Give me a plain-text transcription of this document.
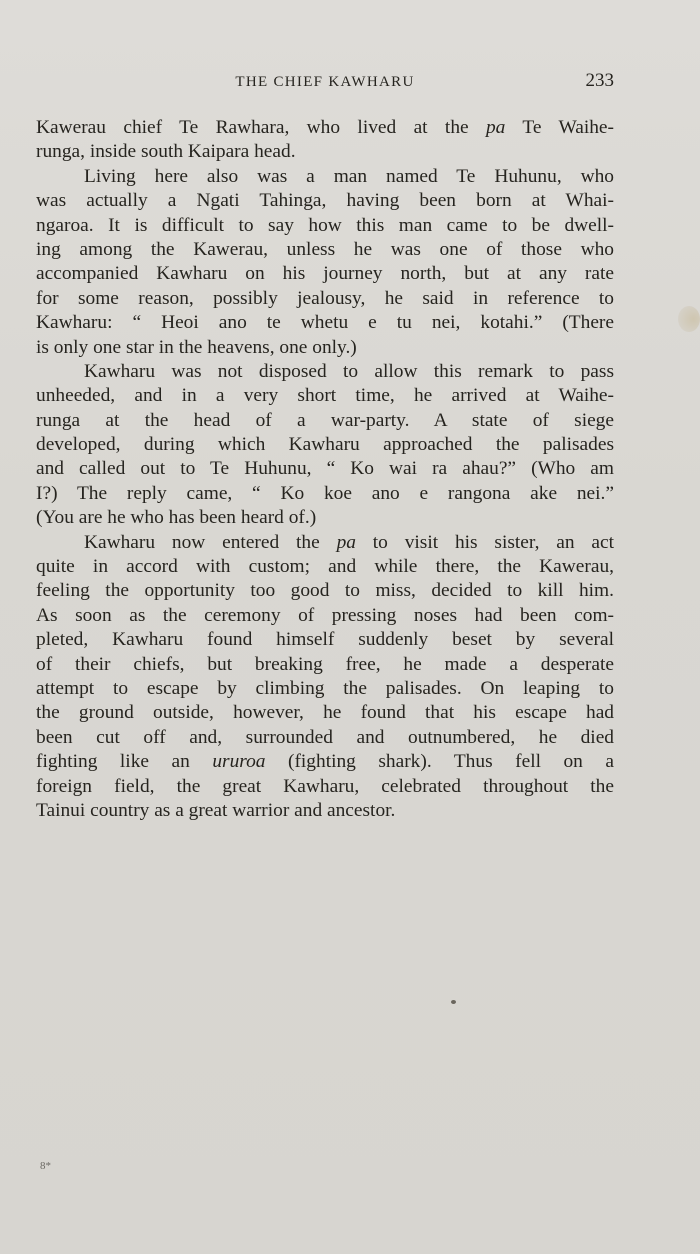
THE CHIEF KAWHARU	233
Kawerau chief Te Rawhara, who lived at the pa Te Waihe-
runga, inside south Kaipara head.
Living here also was a man named Te Huhunu, who
was actually a Ngati Tahinga, having been born at Whai-
ngaroa. It is difficult to say how this man came to be dwell-
ing among the Kawerau, unless he was one of those who
accompanied Kawharu on his journey north, but at any rate
for some reason, possibly jealousy, he said in reference to
Kawharu: “ Heoi ano te whetu e tu nei, kotahi.” (There
is only one star in the heavens, one only.)
Kawharu was not disposed to allow this remark to pass
unheeded, and in a very short time, he arrived at Waihe-
runga at the head of a war-party. A state of siege
developed, during which Kawharu approached the palisades
and called out to Te Huhunu, “ Ko wai ra ahau?” (Who am
I?) The reply came, “ Ko koe ano e rangona ake nei.”
(You are he who has been heard of.)
Kawharu now entered the pa to visit his sister, an act
quite in accord with custom; and while there, the Kawerau,
feeling the opportunity too good to miss, decided to kill him.
As soon as the ceremony of pressing noses had been com-
pleted, Kawharu found himself suddenly beset by several
of their chiefs, but breaking free, he made a desperate
attempt to escape by climbing the palisades. On leaping to
the ground outside, however, he found that his escape had
been cut off and, surrounded and outnumbered, he died
fighting like an ururoa (fighting shark). Thus fell on a
foreign field, the great Kawharu, celebrated throughout the
Tainui country as a great warrior and ancestor.
8*
